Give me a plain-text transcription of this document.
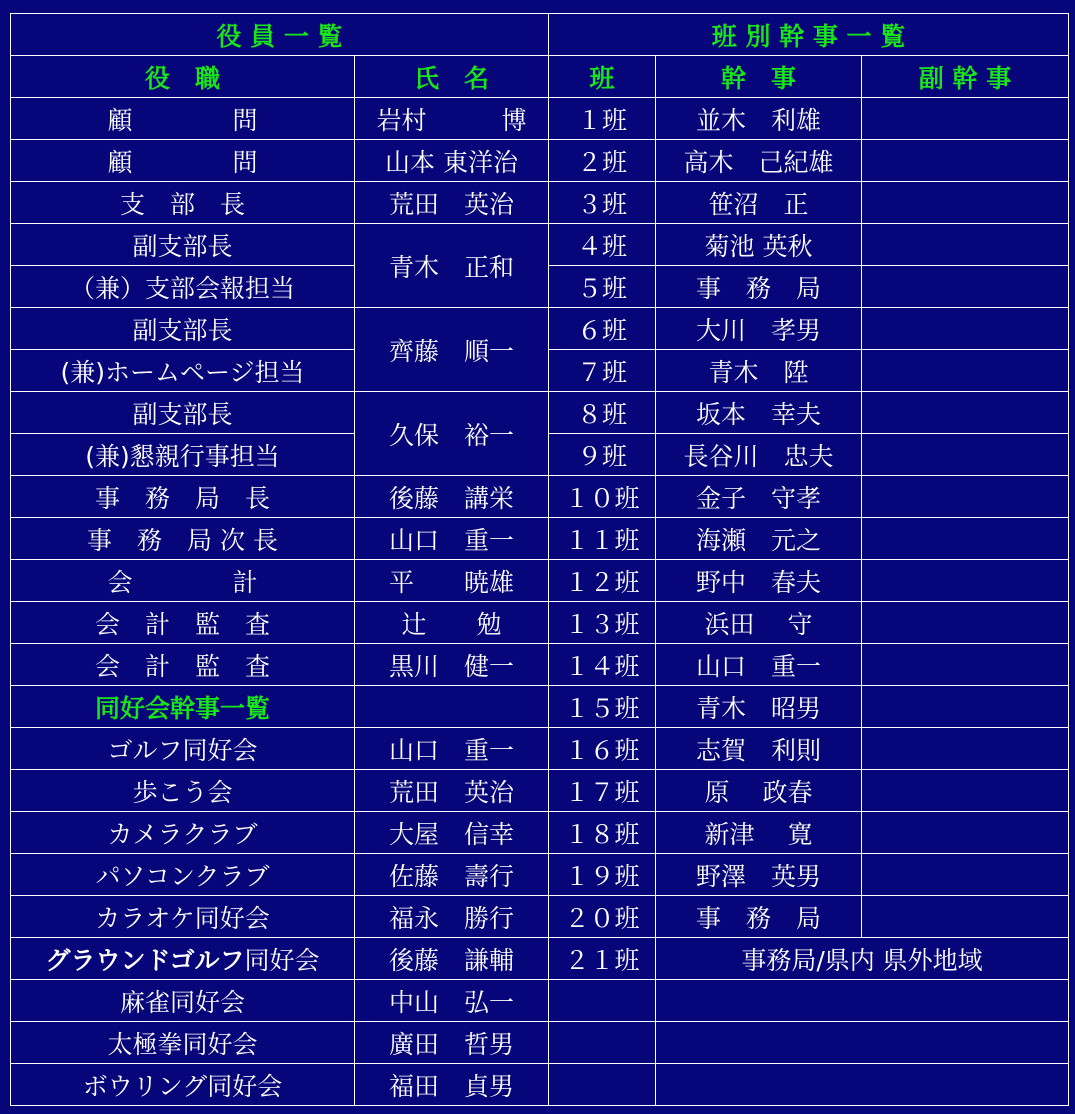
役 員 一 覧		班 別 幹 事 一 覧		
役　職	氏　名	班	幹　事	副 幹 事
顧　　　　問	岩村　　　博	１班	並木　利雄	
顧　　　　問	山本 東洋治	２班	高木　己紀雄	
支　部　長	荒田　英治	３班	笹沼　正	
副支部長	青木　正和	４班	菊池 英秋	
（兼）支部会報担当		５班	事　務　局	
副支部長	齊藤　順一	６班	大川　孝男	
(兼)ホームページ担当		７班	青木　陞	
副支部長	久保　裕一	８班	坂本　幸夫	
(兼)懇親行事担当		９班	長谷川　忠夫	
事　務　局　長	後藤　講栄	１０班	金子　守孝	
事　務　局 次 長	山口　重一	１１班	海瀬　元之	
会　　　　計	平　　暁雄	１２班	野中　春夫	
会　計　監　査	辻　　勉	１３班	浜田　 守	
会　計　監　査	黒川　健一	１４班	山口　重一	
同好会幹事一覧		１５班	青木　昭男	
ゴルフ同好会	山口　重一	１６班	志賀　利則	
歩こう会	荒田　英治	１７班	原　 政春	
カメラクラブ	大屋　信幸	１８班	新津　 寛	
パソコンクラブ	佐藤　壽行	１９班	野澤　英男	
カラオケ同好会	福永　勝行	２０班	事　務　局	
グラウンドゴルフ同好会	後藤　謙輔	２１班	事務局/県内 県外地域	
麻雀同好会	中山　弘一			
太極拳同好会	廣田　哲男			
ボウリング同好会	福田　貞男			
